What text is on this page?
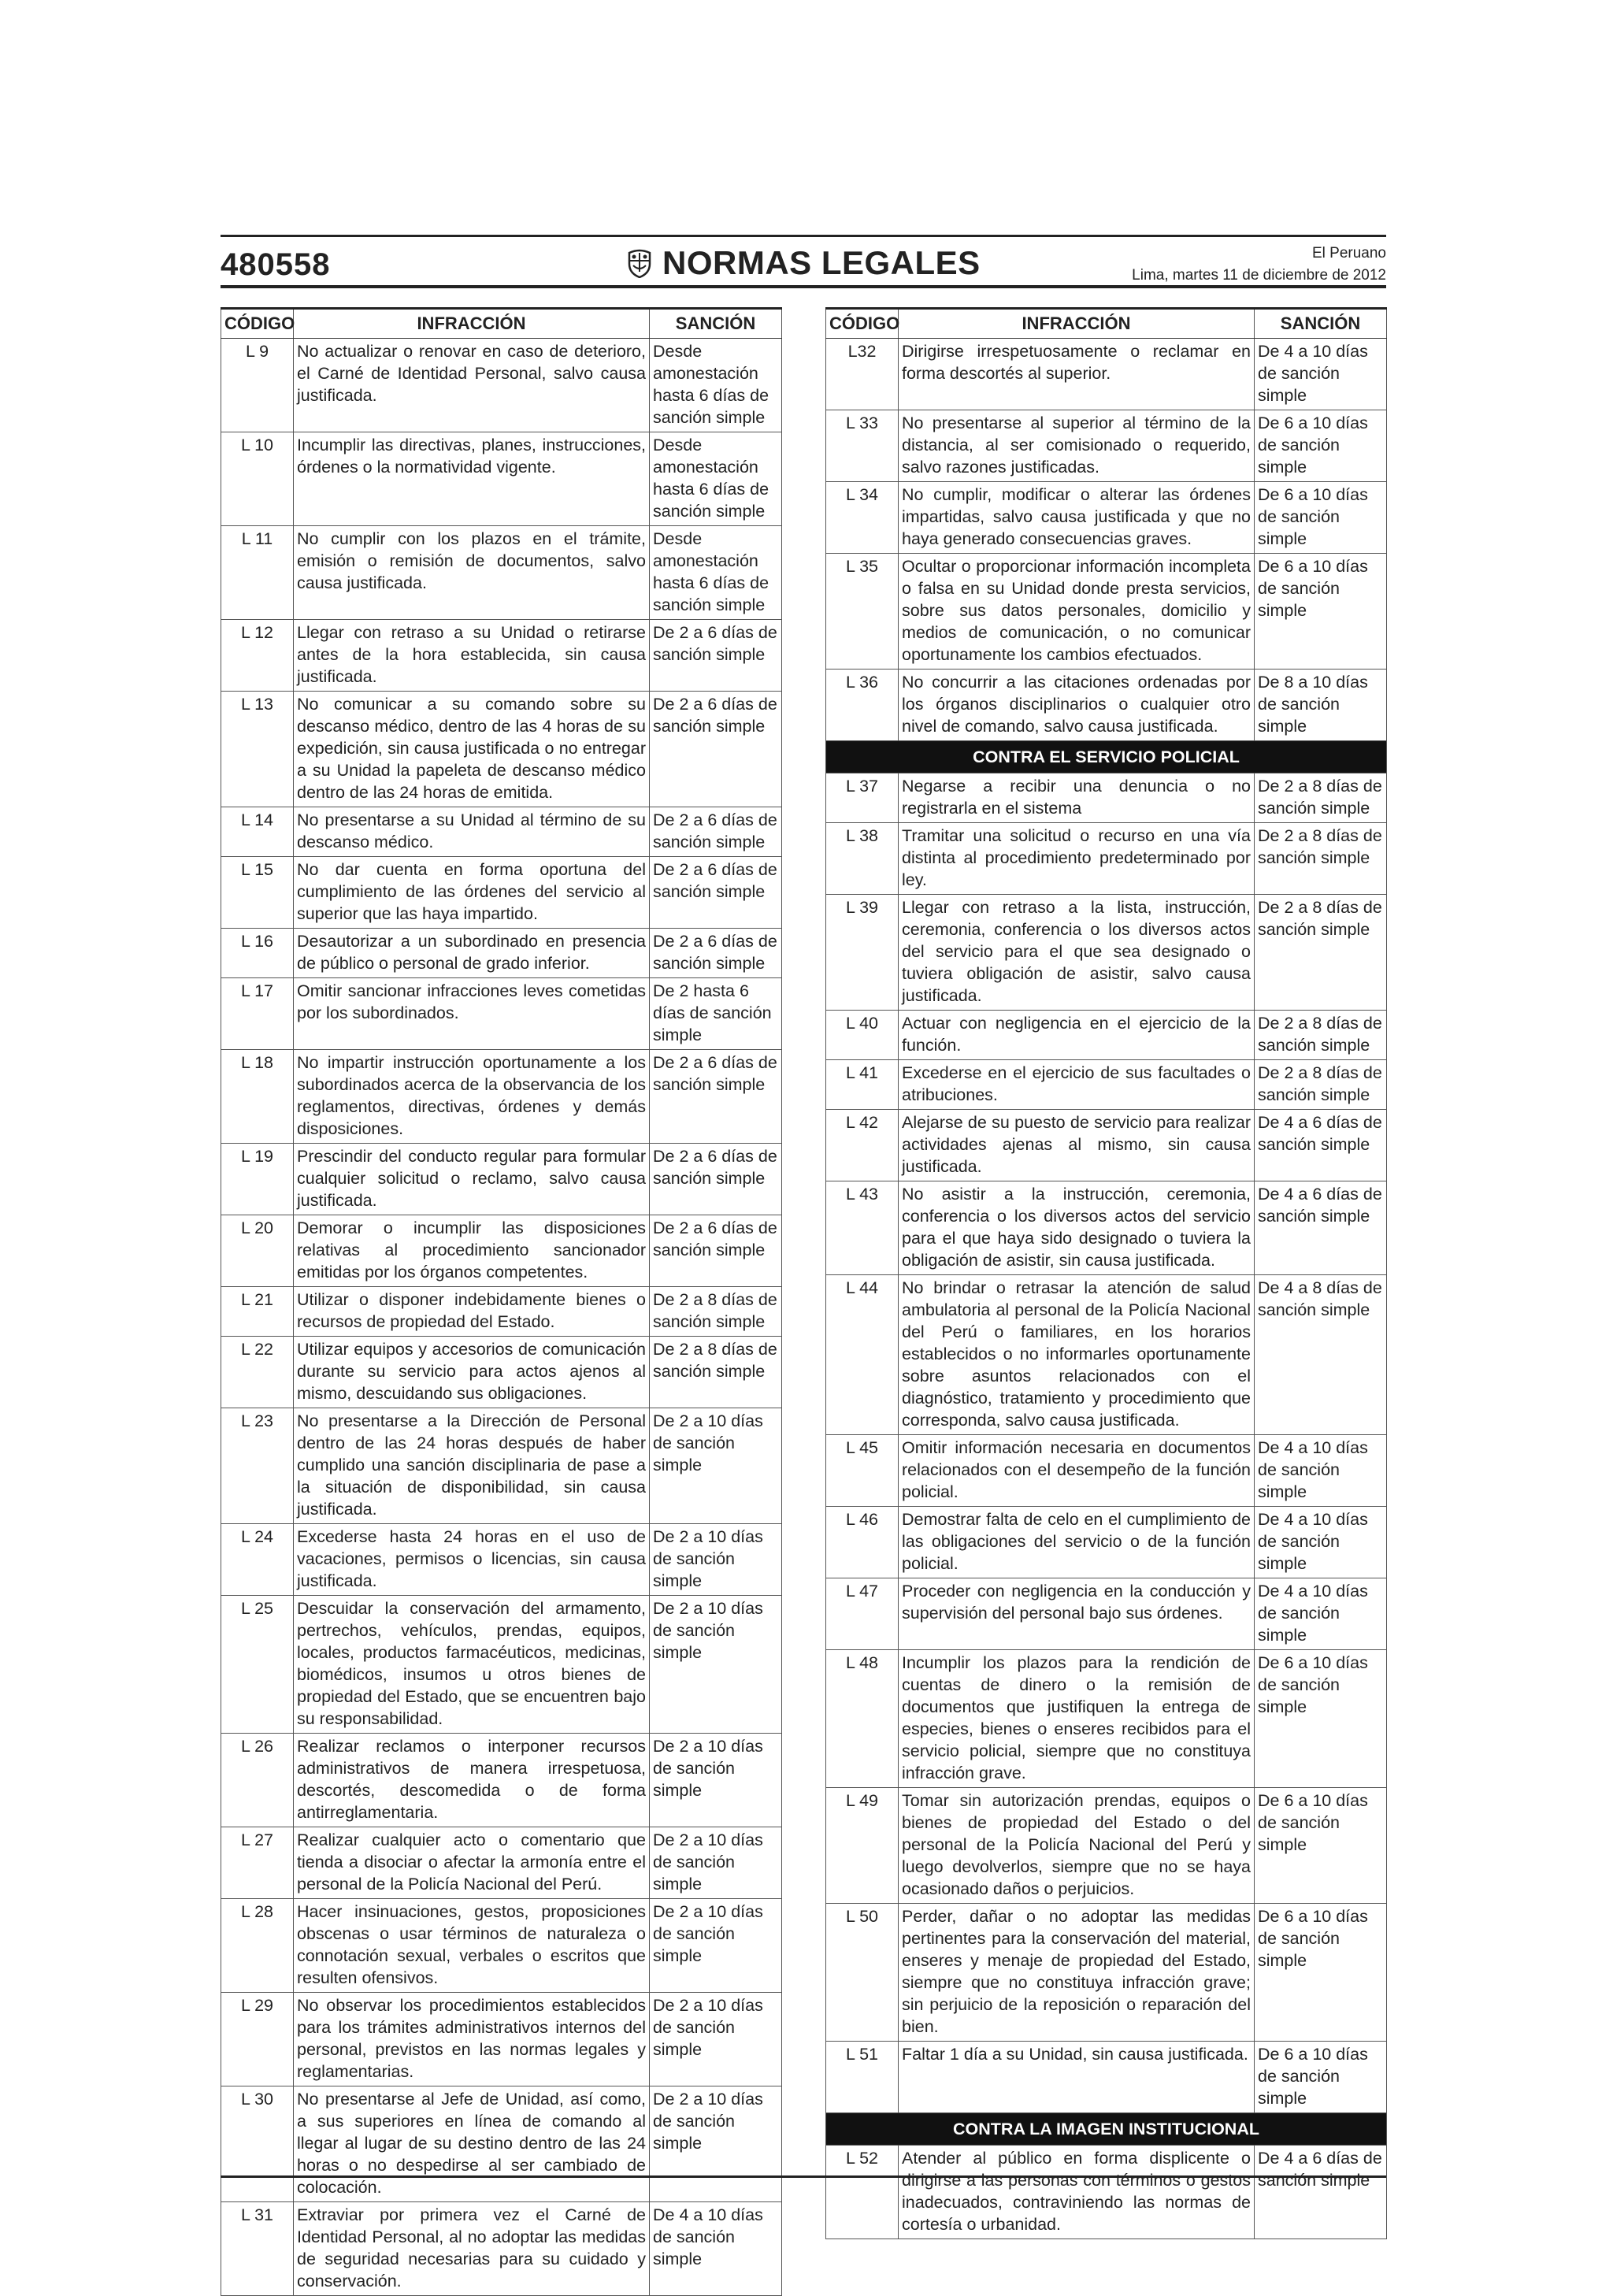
480558	NORMAS LEGALES	El Peruano
Lima, martes 11 de diciembre de 2012
CÓDIGO	INFRACCIÓN	SANCIÓN
L 9	No actualizar o renovar en caso de deterioro, el Carné de Identidad Personal, salvo causa justificada.	Desde amonestación hasta 6 días de sanción simple
L 10	Incumplir las directivas, planes, instrucciones, órdenes o la normatividad vigente.	Desde amonestación hasta 6 días de sanción simple
L 11	No cumplir con los plazos en el trámite, emisión o remisión de documentos, salvo causa justificada.	Desde amonestación hasta 6 días de sanción simple
L 12	Llegar con retraso a su Unidad o retirarse antes de la hora establecida, sin causa justificada.	De 2 a 6 días de sanción simple
L 13	No comunicar a su comando sobre su descanso médico, dentro de las 4 horas de su expedición, sin causa justificada o no entregar a su Unidad la papeleta de descanso médico dentro de las 24 horas de emitida.	De 2 a 6 días de sanción simple
L 14	No presentarse a su Unidad al término de su descanso médico.	De 2 a 6 días de sanción simple
L 15	No dar cuenta en forma oportuna del cumplimiento de las órdenes del servicio al superior que las haya impartido.	De 2 a 6 días de sanción simple
L 16	Desautorizar a un subordinado en presencia de público o personal de grado inferior.	De 2 a 6 días de sanción simple
L 17	Omitir sancionar infracciones leves cometidas por los subordinados.	De 2 hasta 6 días de sanción simple
L 18	No impartir instrucción oportunamente a los subordinados acerca de la observancia de los reglamentos, directivas, órdenes y demás disposiciones.	De 2 a 6 días de sanción simple
L 19	Prescindir del conducto regular para formular cualquier solicitud o reclamo, salvo causa justificada.	De 2 a 6 días de sanción simple
L 20	Demorar o incumplir las disposiciones relativas al procedimiento sancionador emitidas por los órganos competentes.	De 2 a 6 días de sanción simple
L 21	Utilizar o disponer indebidamente bienes o recursos de propiedad del Estado.	De 2 a 8 días de sanción simple
L 22	Utilizar equipos y accesorios de comunicación durante su servicio para actos ajenos al mismo, descuidando sus obligaciones.	De 2 a 8 días de sanción simple
L 23	No presentarse a la Dirección de Personal dentro de las 24 horas después de haber cumplido una sanción disciplinaria de pase a la situación de disponibilidad, sin causa justificada.	De 2 a 10 días de sanción simple
L 24	Excederse hasta 24 horas en el uso de vacaciones, permisos o licencias, sin causa justificada.	De 2 a 10 días de sanción simple
L 25	Descuidar la conservación del armamento, pertrechos, vehículos, prendas, equipos, locales, productos farmacéuticos, medicinas, biomédicos, insumos u otros bienes de propiedad del Estado, que se encuentren bajo su responsabilidad.	De 2 a 10 días de sanción simple
L 26	Realizar reclamos o interponer recursos administrativos de manera irrespetuosa, descortés, descomedida o de forma antirreglamentaria.	De 2 a 10 días de sanción simple
L 27	Realizar cualquier acto o comentario que tienda a disociar o afectar la armonía entre el personal de la Policía Nacional del Perú.	De 2 a 10 días de sanción simple
L 28	Hacer insinuaciones, gestos, proposiciones obscenas o usar términos de naturaleza o connotación sexual, verbales o escritos que resulten ofensivos.	De 2 a 10 días de sanción simple
L 29	No observar los procedimientos establecidos para los trámites administrativos internos del personal, previstos en las normas legales y reglamentarias.	De 2 a 10 días de sanción simple
L 30	No presentarse al Jefe de Unidad, así como, a sus superiores en línea de comando al llegar al lugar de su destino dentro de las 24 horas o no despedirse al ser cambiado de colocación.	De 2 a 10 días de sanción simple
L 31	Extraviar por primera vez el Carné de Identidad Personal, al no adoptar las medidas de seguridad necesarias para su cuidado y conservación.	De 4 a 10 días de sanción simple
CÓDIGO	INFRACCIÓN	SANCIÓN
L32	Dirigirse irrespetuosamente o reclamar en forma descortés al superior.	De 4 a 10 días de sanción simple
L 33	No presentarse al superior al término de la distancia, al ser comisionado o requerido, salvo razones justificadas.	De 6 a 10 días de sanción simple
L 34	No cumplir, modificar o alterar las órdenes impartidas, salvo causa justificada y que no haya generado consecuencias graves.	De 6 a 10 días de sanción simple
L 35	Ocultar o proporcionar información incompleta o falsa en su Unidad donde presta servicios, sobre sus datos personales, domicilio y medios de comunicación, o no comunicar oportunamente los cambios efectuados.	De 6 a 10 días de sanción simple
L 36	No concurrir a las citaciones ordenadas por los órganos disciplinarios o cualquier otro nivel de comando, salvo causa justificada.	De 8 a 10 días de sanción simple
CONTRA EL SERVICIO POLICIAL		
L 37	Negarse a recibir una denuncia o no registrarla en el sistema	De 2 a 8 días de sanción simple
L 38	Tramitar una solicitud o recurso en una vía distinta al procedimiento predeterminado por ley.	De 2 a 8 días de sanción simple
L 39	Llegar con retraso a la lista, instrucción, ceremonia, conferencia o los diversos actos del servicio para el que sea designado o tuviera obligación de asistir, salvo causa justificada.	De 2 a 8 días de sanción simple
L 40	Actuar con negligencia en el ejercicio de la función.	De 2 a 8 días de sanción simple
L 41	Excederse en el ejercicio de sus facultades o atribuciones.	De 2 a 8 días de sanción simple
L 42	Alejarse de su puesto de servicio para realizar actividades ajenas al mismo, sin causa justificada.	De 4 a 6 días de sanción simple
L 43	No asistir a la instrucción, ceremonia, conferencia o los diversos actos del servicio para el que haya sido designado o tuviera la obligación de asistir, sin causa justificada.	De 4 a 6 días de sanción simple
L 44	No brindar o retrasar la atención de salud ambulatoria al personal de la Policía Nacional del Perú o familiares, en los horarios establecidos o no informarles oportunamente sobre asuntos relacionados con el diagnóstico, tratamiento y procedimiento que corresponda, salvo causa justificada.	De 4 a 8 días de sanción simple
L 45	Omitir información necesaria en documentos relacionados con el desempeño de la función policial.	De 4 a 10 días de sanción simple
L 46	Demostrar falta de celo en el cumplimiento de las obligaciones del servicio o de la función policial.	De 4 a 10 días de sanción simple
L 47	Proceder con negligencia en la conducción y supervisión del personal bajo sus órdenes.	De 4 a 10 días de sanción simple
L 48	Incumplir los plazos para la rendición de cuentas de dinero o la remisión de documentos que justifiquen la entrega de especies, bienes o enseres recibidos para el servicio policial, siempre que no constituya infracción grave.	De 6 a 10 días de sanción simple
L 49	Tomar sin autorización prendas, equipos o bienes de propiedad del Estado o del personal de la Policía Nacional del Perú y luego devolverlos, siempre que no se haya ocasionado daños o perjuicios.	De 6 a 10 días de sanción simple
L 50	Perder, dañar o no adoptar las medidas pertinentes para la conservación del material, enseres y menaje de propiedad del Estado, siempre que no constituya infracción grave; sin perjuicio de la reposición o reparación del bien.	De 6 a 10 días de sanción simple
L 51	Faltar 1 día a su Unidad, sin causa justificada.	De 6 a 10 días de sanción simple
CONTRA LA IMAGEN INSTITUCIONAL		
L 52	Atender al público en forma displicente o dirigirse a las personas con términos o gestos inadecuados, contraviniendo las normas de cortesía o urbanidad.	De 4 a 6 días de sanción simple
